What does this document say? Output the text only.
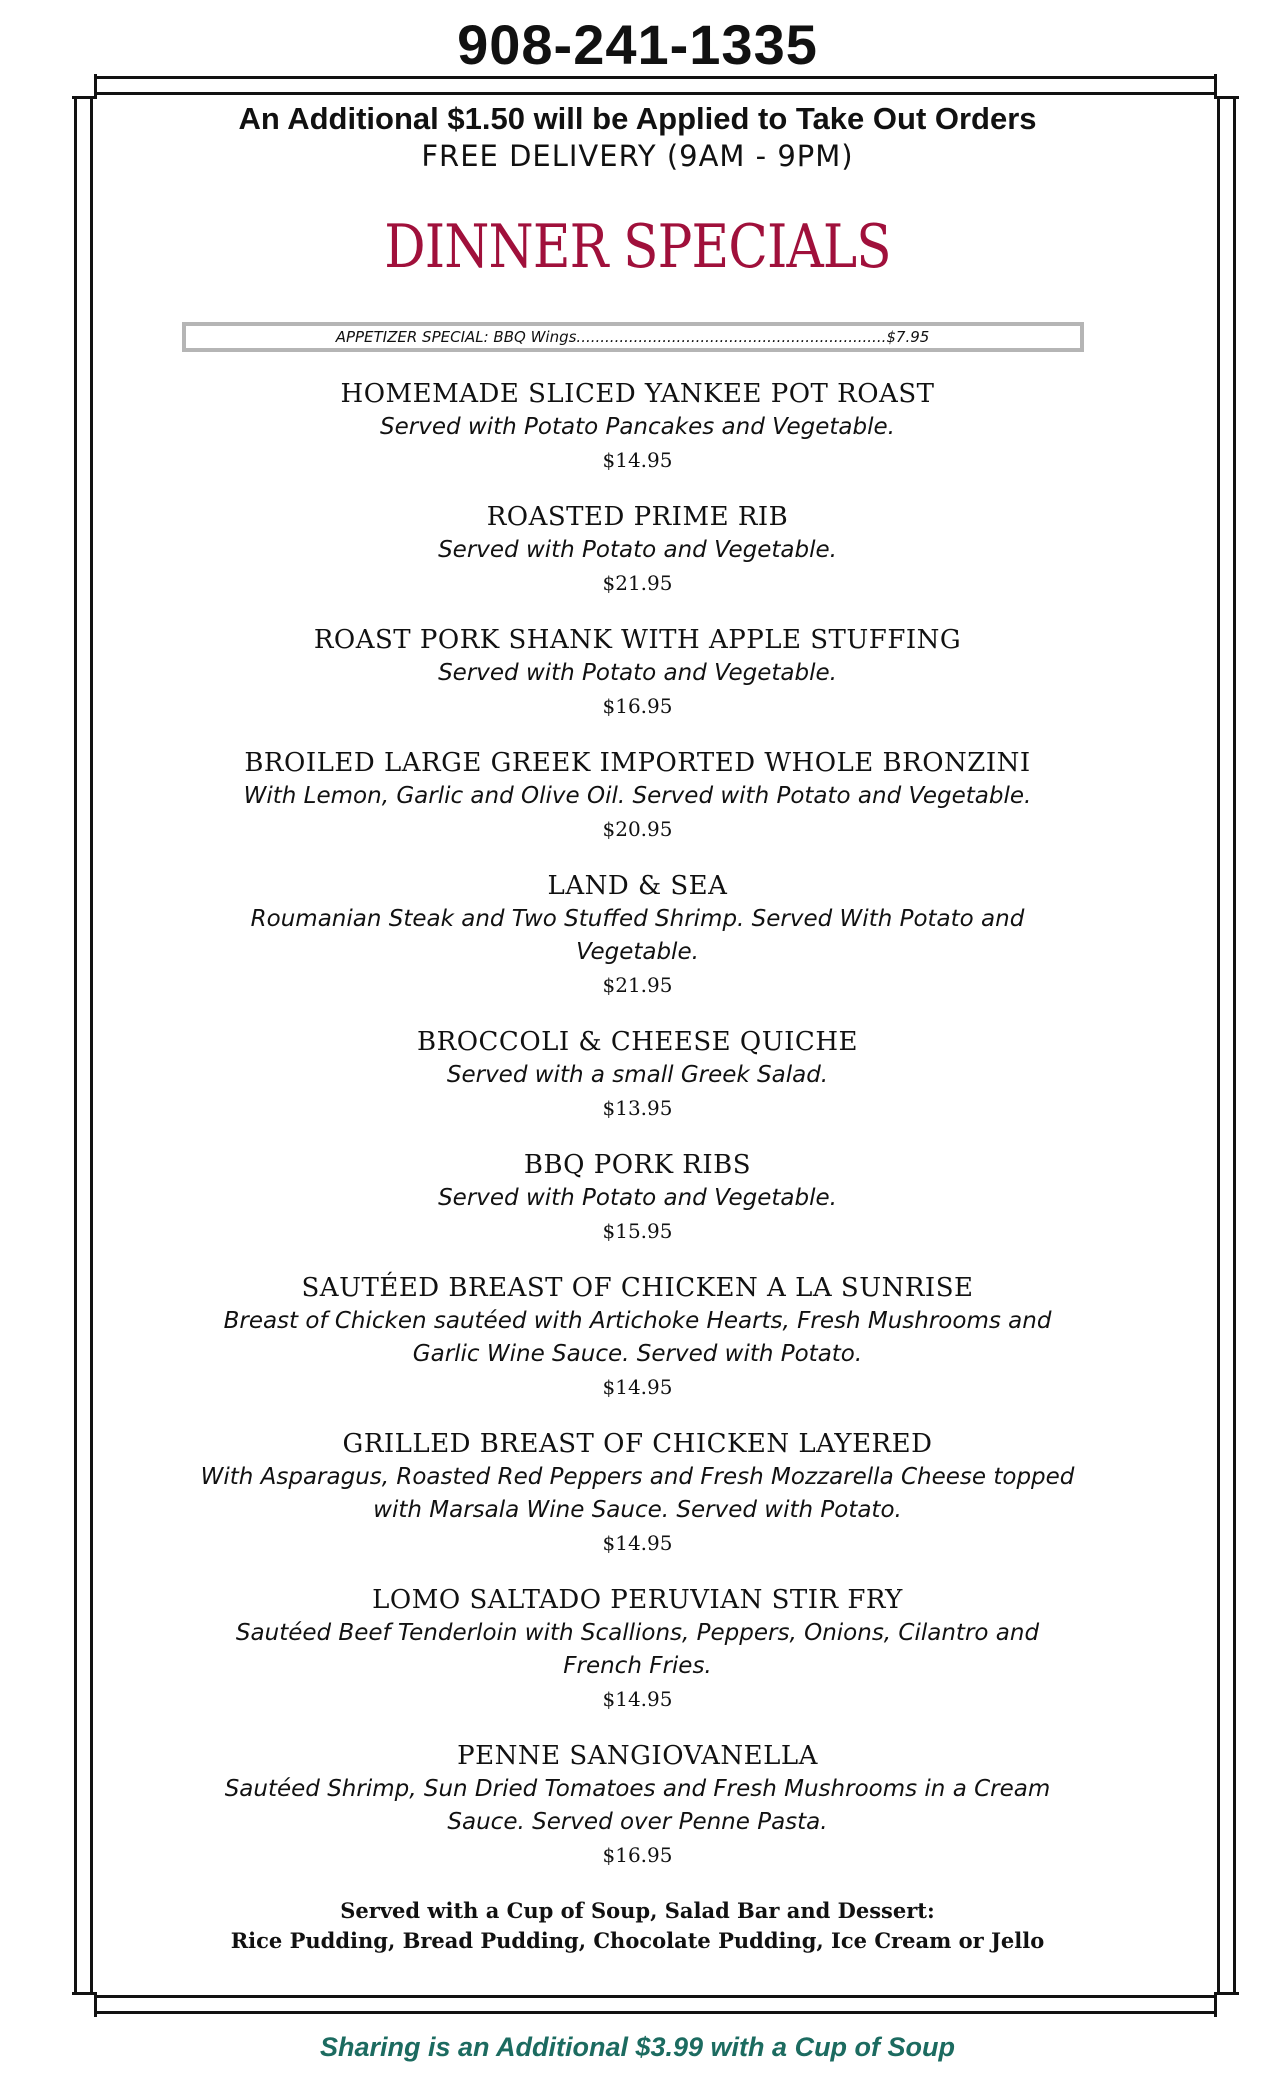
908-241-1335
An Additional $1.50 will be Applied to Take Out Orders
FREE DELIVERY (9AM - 9PM)
DINNER SPECIALS
APPETIZER SPECIAL: BBQ Wings.................................................................$7.95
HOMEMADE SLICED YANKEE POT ROAST
Served with Potato Pancakes and Vegetable.
$14.95
ROASTED PRIME RIB
Served with Potato and Vegetable.
$21.95
ROAST PORK SHANK WITH APPLE STUFFING
Served with Potato and Vegetable.
$16.95
BROILED LARGE GREEK IMPORTED WHOLE BRONZINI
With Lemon, Garlic and Olive Oil. Served with Potato and Vegetable.
$20.95
LAND & SEA
Roumanian Steak and Two Stuffed Shrimp. Served With Potato and Vegetable.
$21.95
BROCCOLI & CHEESE QUICHE
Served with a small Greek Salad.
$13.95
BBQ PORK RIBS
Served with Potato and Vegetable.
$15.95
SAUTÉED BREAST OF CHICKEN A LA SUNRISE
Breast of Chicken sautéed with Artichoke Hearts, Fresh Mushrooms and Garlic Wine Sauce. Served with Potato.
$14.95
GRILLED BREAST OF CHICKEN LAYERED
With Asparagus, Roasted Red Peppers and Fresh Mozzarella Cheese topped with Marsala Wine Sauce. Served with Potato.
$14.95
LOMO SALTADO PERUVIAN STIR FRY
Sautéed Beef Tenderloin with Scallions, Peppers, Onions, Cilantro and French Fries.
$14.95
PENNE SANGIOVANELLA
Sautéed Shrimp, Sun Dried Tomatoes and Fresh Mushrooms in a Cream Sauce. Served over Penne Pasta.
$16.95
Served with a Cup of Soup, Salad Bar and Dessert:
Rice Pudding, Bread Pudding, Chocolate Pudding, Ice Cream or Jello
Sharing is an Additional $3.99 with a Cup of Soup
